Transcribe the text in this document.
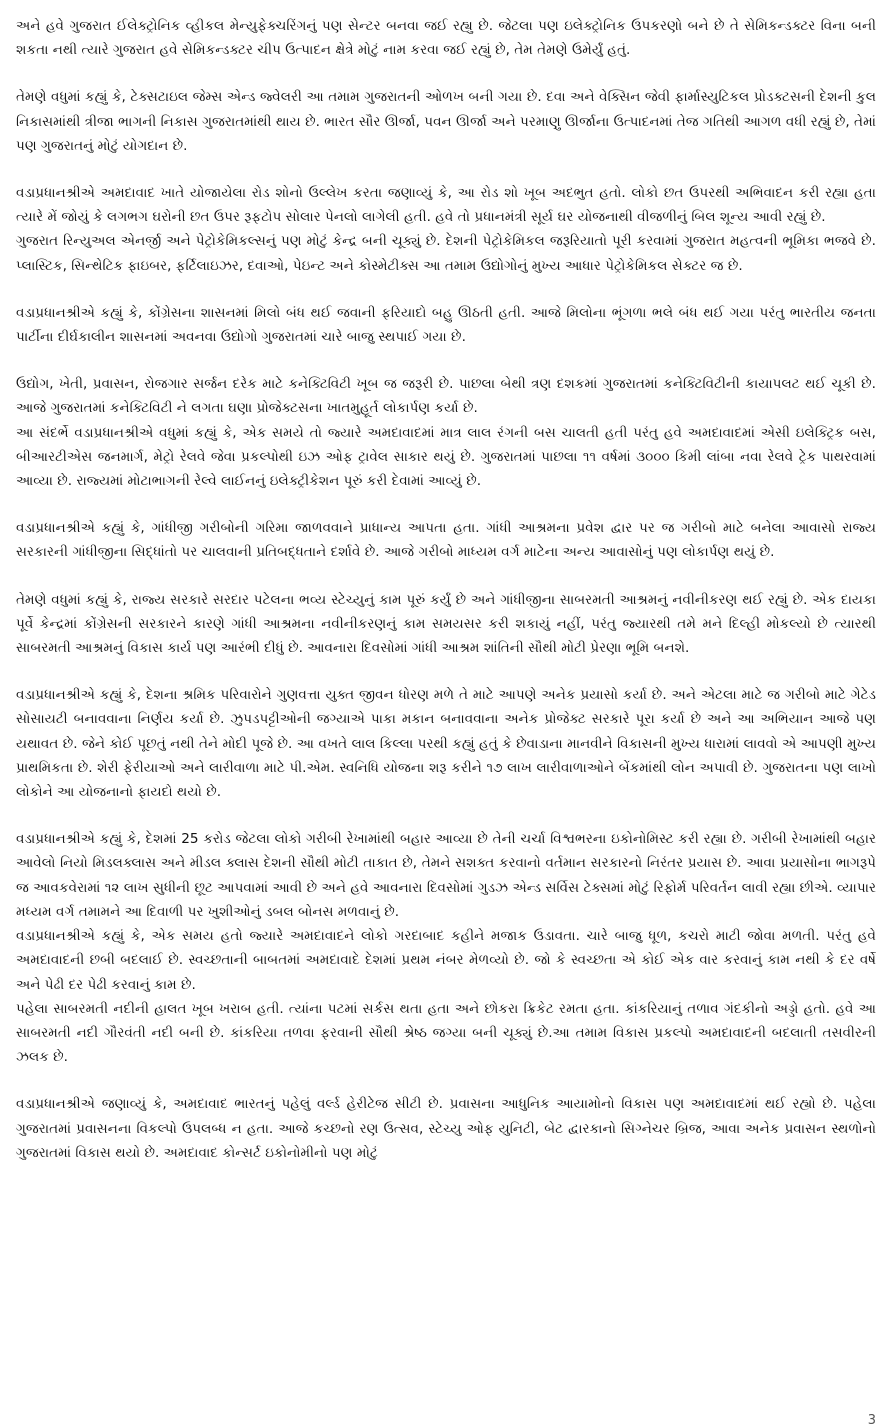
અને હવે ગુજરાત ઈલેક્ટ્રોનિક વ્હીકલ મેન્યુફેક્ચરિંગનું પણ સેન્ટર બનવા જઈ રહ્યુ છે. જેટલા પણ ઇલેક્ટ્રોનિક ઉપકરણો બને છે તે સેમિકન્ડક્ટર વિના બની શકતા નથી ત્યારે ગુજરાત હવે સેમિકન્ડક્ટર ચીપ ઉત્પાદન ક્ષેત્રે મોટું નામ કરવા જઈ રહ્યું છે, તેમ તેમણે ઉમેર્યું હતું.

તેમણે વધુમાં કહ્યું કે, ટેક્સટાઇલ જેમ્સ એન્ડ જ્વેલરી આ તમામ ગુજરાતની ઓળખ બની ગયા છે. દવા અને વેક્સિન જેવી ફાર્માસ્યુટિકલ પ્રોડક્ટસની દેશની કુલ નિકાસમાંથી ત્રીજા ભાગની નિકાસ ગુજરાતમાંથી થાય છે. ભારત સૌર ઊર્જા, પવન ઊર્જા અને પરમાણુ ઊર્જાના ઉત્પાદનમાં તેજ ગતિથી આગળ વધી રહ્યું છે, તેમાં પણ ગુજરાતનું મોટું યોગદાન છે.

વડાપ્રધાનશ્રીએ અમદાવાદ ખાતે યોજાયેલા રોડ શોનો ઉલ્લેખ કરતા જણાવ્યું કે, આ રોડ શો ખૂબ અદભુત હતો. લોકો છત ઉપરથી અભિવાદન કરી રહ્યા હતા ત્યારે મેં જોયું કે લગભગ ઘરોની છત ઉપર રૂફટોપ સોલાર પેનલો લાગેલી હતી. હવે તો પ્રધાનમંત્રી સૂર્ય ઘર યોજનાથી વીજળીનું બિલ શૂન્ય આવી રહ્યું છે.

ગુજરાત રિન્યુઅલ એનર્જી અને પેટ્રોકેમિકલ્સનું પણ મોટું કેન્દ્ર બની ચૂક્યું છે. દેશની પેટ્રોકેમિકલ જરૂરિયાતો પૂરી કરવામાં ગુજરાત મહત્વની ભૂમિકા ભજવે છે. પ્લાસ્ટિક, સિન્થેટિક ફાઇબર, ફર્ટિલાઇઝર, દવાઓ, પેઇન્ટ અને કોસ્મેટીક્સ આ તમામ ઉદ્યોગોનું મુખ્ય આધાર પેટ્રોકેમિકલ સેક્ટર જ છે.

વડાપ્રધાનશ્રીએ કહ્યું કે, કોંગ્રેસના શાસનમાં મિલો બંધ થઈ જવાની ફરિયાદો બહુ ઊઠતી હતી. આજે મિલોના ભૂંગળા ભલે બંધ થઈ ગયા પરંતુ ભારતીય જનતા પાર્ટીના દીર્ઘકાલીન શાસનમાં અવનવા ઉદ્યોગો ગુજરાતમાં ચારે બાજુ સ્થપાઈ ગયા છે.

ઉદ્યોગ, ખેતી, પ્રવાસન, રોજગાર સર્જન દરેક માટે કનેક્ટિવિટી ખૂબ જ જરૂરી છે. પાછલા બેથી ત્રણ દશકમાં ગુજરાતમાં કનેક્ટિવિટીની કાયાપલટ થઈ ચૂકી છે. આજે ગુજરાતમાં કનેક્ટિવિટી ને લગતા ઘણા પ્રોજેક્ટસના ખાતમુહૂર્ત લોકાર્પણ કર્યા છે.

આ સંદર્ભે વડાપ્રધાનશ્રીએ વધુમાં કહ્યું કે, એક સમયે તો જ્યારે અમદાવાદમાં માત્ર લાલ રંગની બસ ચાલતી હતી પરંતુ હવે અમદાવાદમાં એસી ઇલેક્ટ્રિક બસ, બીઆરટીએસ જનમાર્ગ, મેટ્રો રેલવે જેવા પ્રકલ્પોથી ઇઝ ઓફ ટ્રાવેલ સાકાર થયું છે. ગુજરાતમાં પાછલા ૧૧ વર્ષમાં ૩૦૦૦ કિમી લાંબા નવા રેલવે ટ્રેક પાથરવામાં આવ્યા છે. રાજ્યમાં મોટાભાગની રેલ્વે લાઈનનું ઇલેક્ટ્રીકેશન પૂરું કરી દેવામાં આવ્યું છે.

વડાપ્રધાનશ્રીએ કહ્યું કે, ગાંધીજી ગરીબોની ગરિમા જાળવવાને પ્રાધાન્ય આપતા હતા. ગાંધી આશ્રમના પ્રવેશ દ્વાર પર જ ગરીબો માટે બનેલા આવાસો રાજ્ય સરકારની ગાંધીજીના સિદ્ધાંતો પર ચાલવાની પ્રતિબદ્ધતાને દર્શાવે છે. આજે ગરીબો માધ્યમ વર્ગ માટેના અન્ય આવાસોનું પણ લોકાર્પણ થયું છે.

તેમણે વધુમાં કહ્યું કે, રાજ્ય સરકારે સરદાર પટેલના ભવ્ય સ્ટેચ્યુનું કામ પૂરું કર્યું છે અને ગાંધીજીના સાબરમતી આશ્રમનું નવીનીકરણ થઈ રહ્યું છે. એક દાયકા પૂર્વે કેન્દ્રમાં કોંગ્રેસની સરકારને કારણે ગાંધી આશ્રમના નવીનીકરણનું કામ સમયસર કરી શકાયું નહીં, પરંતુ જ્યારથી તમે મને દિલ્હી મોકલ્યો છે ત્યારથી સાબરમતી આશ્રમનું વિકાસ કાર્ય પણ આરંભી દીધું છે. આવનારા દિવસોમાં ગાંધી આશ્રમ શાંતિની સૌથી મોટી પ્રેરણા ભૂમિ બનશે.

વડાપ્રધાનશ્રીએ કહ્યું કે, દેશના શ્રમિક પરિવારોને ગુણવત્તા યુક્ત જીવન ધોરણ મળે તે માટે આપણે અનેક પ્રયાસો કર્યા છે. અને એટલા માટે જ ગરીબો માટે ગેટેડ સોસાયટી બનાવવાના નિર્ણય કર્યા છે. ઝુપડપટ્ટીઓની જગ્યાએ પાકા મકાન બનાવવાના અનેક પ્રોજેક્ટ સરકારે પૂરા કર્યા છે અને આ અભિયાન આજે પણ યથાવત છે. જેને કોઈ પૂછતું નથી તેને મોદી પૂજે છે. આ વખતે લાલ કિલ્લા પરથી કહ્યું હતું કે છેવાડાના માનવીને વિકાસની મુખ્ય ધારામાં લાવવો એ આપણી મુખ્ય પ્રાથમિકતા છે. શેરી ફેરીયાઓ અને લારીવાળા માટે પી.એમ. સ્વનિધિ યોજના શરૂ કરીને ૧૭ લાખ લારીવાળાઓને બેંકમાંથી લોન અપાવી છે. ગુજરાતના પણ લાખો લોકોને આ યોજનાનો ફાયદો થયો છે.

વડાપ્રધાનશ્રીએ કહ્યું કે, દેશમાં 25 કરોડ જેટલા લોકો ગરીબી રેખામાંથી બહાર આવ્યા છે તેની ચર્ચા વિશ્વભરના ઇકોનોમિસ્ટ કરી રહ્યા છે. ગરીબી રેખામાંથી બહાર આવેલો નિયો મિડલક્લાસ અને મીડલ ક્લાસ દેશની સૌથી મોટી તાકાત છે, તેમને સશક્ત કરવાનો વર્તમાન સરકારનો નિરંતર પ્રયાસ છે. આવા પ્રયાસોના ભાગરૂપે જ આવકવેરામાં ૧૨ લાખ સુધીની છૂટ આપવામાં આવી છે અને હવે આવનારા દિવસોમાં ગુડઝ એન્ડ સર્વિસ ટેક્સમાં મોટું રિફોર્મ પરિવર્તન લાવી રહ્યા છીએ. વ્યાપાર મધ્યમ વર્ગ તમામને આ દિવાળી પર ખુશીઓનું ડબલ બોનસ મળવાનું છે.

વડાપ્રધાનશ્રીએ કહ્યું કે, એક સમય હતો જ્યારે અમદાવાદને લોકો ગરદાબાદ કહીને મજાક ઉડાવતા. ચારે બાજુ ધૂળ, કચરો માટી જોવા મળતી. પરંતુ હવે અમદાવાદની છબી બદલાઈ છે. સ્વચ્છતાની બાબતમાં અમદાવાદે દેશમાં પ્રથમ નંબર મેળવ્યો છે. જો કે સ્વચ્છતા એ કોઈ એક વાર કરવાનું કામ નથી કે દર વર્ષે અને પેઢી દર પેઢી કરવાનું કામ છે.

પહેલા સાબરમતી નદીની હાલત ખૂબ ખરાબ હતી. ત્યાંના પટમાં સર્કસ થતા હતા અને છોકરા ક્રિકેટ રમતા હતા. કાંકરિયાનું તળાવ ગંદકીનો અડ્ડો હતો. હવે આ સાબરમતી નદી ગૌરવંતી નદી બની છે. કાંકરિયા તળવા ફરવાની સૌથી શ્રેષ્ઠ જગ્યા બની ચૂક્યું છે.આ તમામ વિકાસ પ્રકલ્પો અમદાવાદની બદલાતી તસવીરની ઝલક છે.

વડાપ્રધાનશ્રીએ જણાવ્યું કે, અમદાવાદ ભારતનું પહેલું વર્લ્ડ હેરીટેજ સીટી છે. પ્રવાસના આધુનિક આયામોનો વિકાસ પણ અમદાવાદમાં થઈ રહ્યો છે. પહેલા ગુજરાતમાં પ્રવાસનના વિકલ્પો ઉપલબ્ધ ન હતા. આજે કચ્છનો રણ ઉત્સવ, સ્ટેચ્યુ ઓફ યુનિટી, બેટ દ્વારકાનો સિગ્નેચર બ્રિજ, આવા અનેક પ્રવાસન સ્થળોનો ગુજરાતમાં વિકાસ થયો છે. અમદાવાદ કોન્સર્ટ ઇકોનોમીનો પણ મોટું

3
